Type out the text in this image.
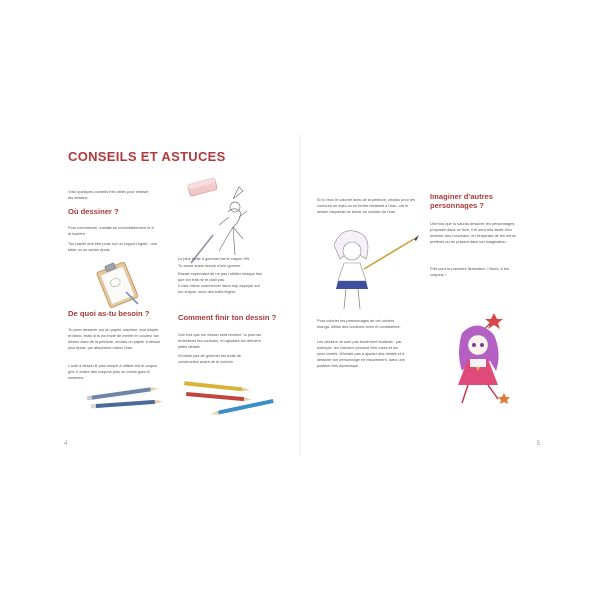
CONSEILS ET ASTUCES

Voici quelques conseils très utiles pour réaliser tes dessins.

Où dessiner ?

Pour commencer, installe-toi confortablement et à la lumière.

Ton papier doit être posé sur un support rigide : une table ou un carton épais.

Le plus facile à gommer est le crayon HB.

Tu auras aussi besoin d'une gomme.

Essaie cependant de ne pas l'utiliser chaque fois que ton trait ne te plaît pas.

Il vaut mieux commencer sans trop appuyer sur ton crayon, avec des traits légers.

De quoi as-tu besoin ?

Tu peux dessiner sur du papier machine, tout simple et blanc, mais si tu as envie de mettre en couleur ton dessin avec de la peinture, choisis un papier à dessin plus épais, qui absorbera mieux l'eau.

L'outil à dessin le plus simple à utiliser est le crayon gris. Il existe des crayons plus ou moins gras et sombres.

Comment finir ton dessin ?

Une fois que ton dessin sera terminé, tu pourras redessiner les contours, en ajoutant les derniers petits détails.

N'oublie pas de gommer les traits de construction avant de le colorier.

4

Si tu veux le colorier avec de la peinture, choisis pour les contours un stylo ou un feutre résistant à l'eau, car le dessin risquerait de baver au contact de l'eau.

Imaginer d'autres personnages ?

Une fois que tu sauras dessiner les personnages proposés dans ce livre, il te sera très facile d'en inventer des nouveaux, en t'inspirant de tes héros préférés ou en puisant dans ton imagination.

Prêt pour ta première illustration ? Alors, à tes crayons !

Pour colorier tes personnages de cet univers manga, utilise des couleurs vives et contrastées.

Les dessins ne sont pas forcément réalistes : par exemple, les cheveux peuvent être roses et les yeux violets. N'hésite pas à ajouter des détails et à dessiner ton personnage en mouvement, dans une position très dynamique.

5
